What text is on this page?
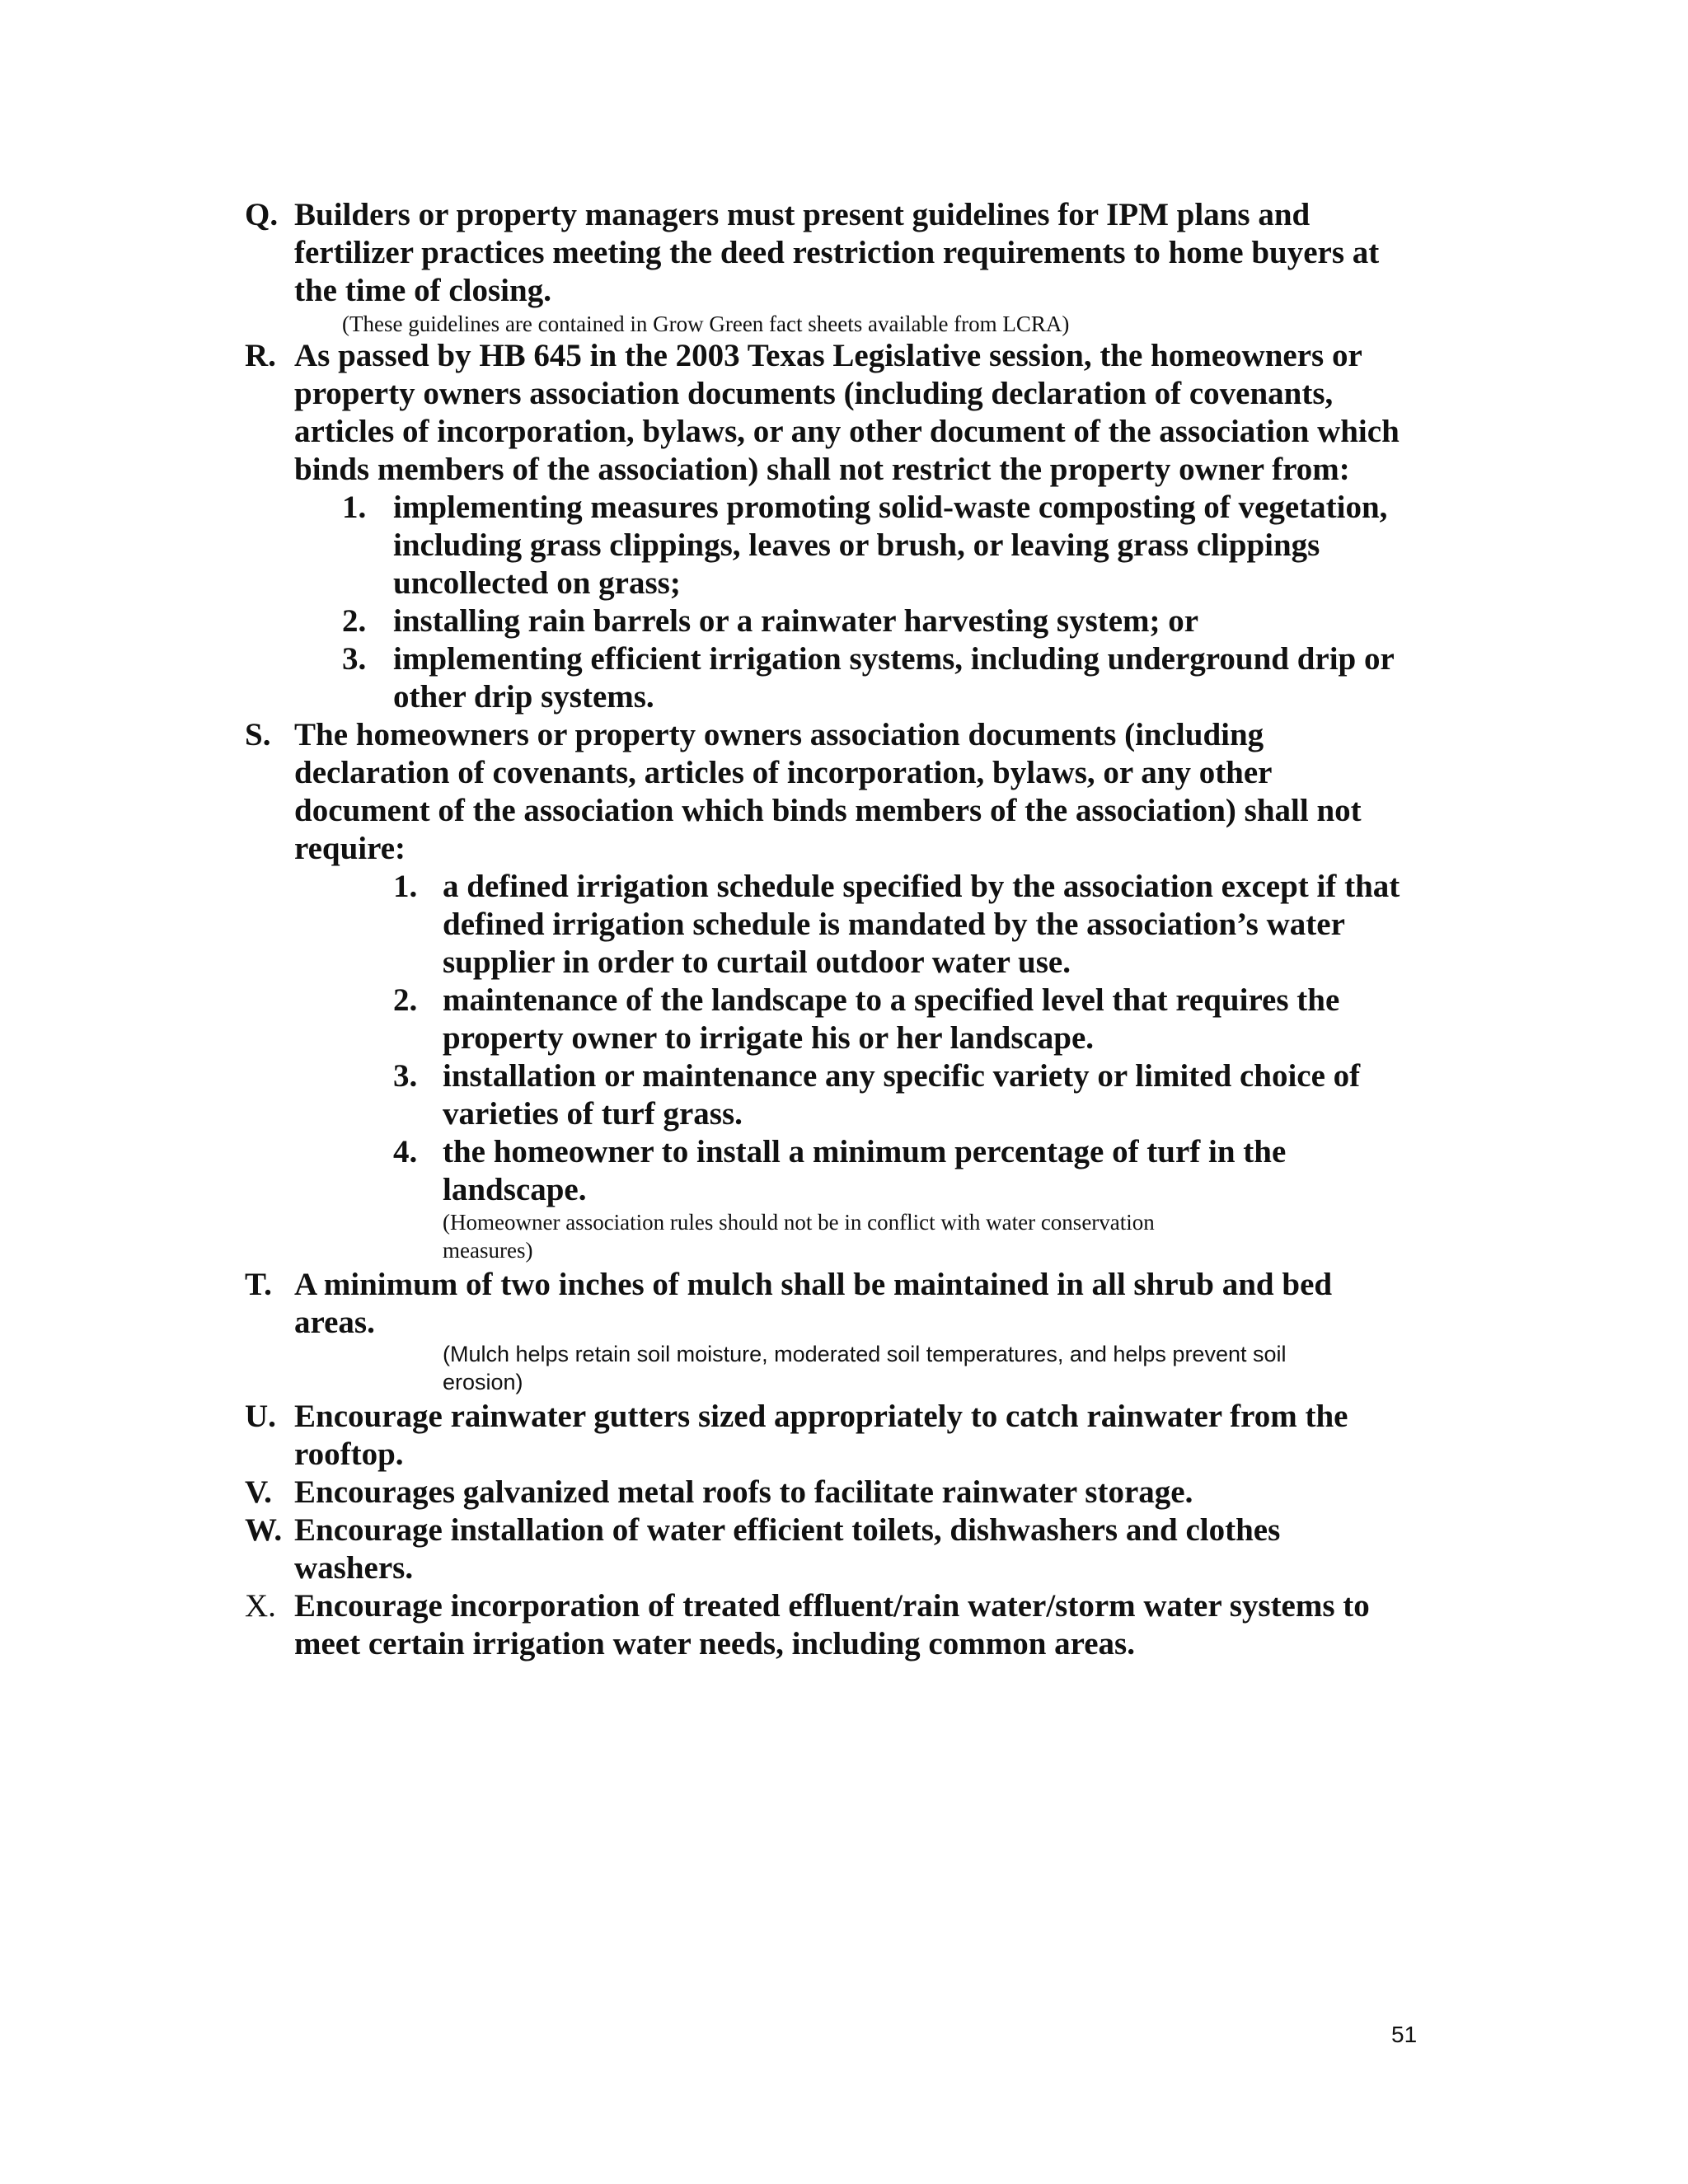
Q. Builders or property managers must present guidelines for IPM plans and
fertilizer practices meeting the deed restriction requirements to home buyers at
the time of closing.
(These guidelines are contained in Grow Green fact sheets available from LCRA)
R. As passed by HB 645 in the 2003 Texas Legislative session, the homeowners or
property owners association documents (including declaration of covenants,
articles of incorporation, bylaws, or any other document of the association which
binds members of the association) shall not restrict the property owner from:
1. implementing measures promoting solid-waste composting of vegetation,
including grass clippings, leaves or brush, or leaving grass clippings
uncollected on grass;
2. installing rain barrels or a rainwater harvesting system; or
3. implementing efficient irrigation systems, including underground drip or
other drip systems.
S. The homeowners or property owners association documents (including
declaration of covenants, articles of incorporation, bylaws, or any other
document of the association which binds members of the association) shall not
require:
1. a defined irrigation schedule specified by the association except if that
defined irrigation schedule is mandated by the association’s water
supplier in order to curtail outdoor water use.
2. maintenance of the landscape to a specified level that requires the
property owner to irrigate his or her landscape.
3. installation or maintenance any specific variety or limited choice of
varieties of turf grass.
4. the homeowner to install a minimum percentage of turf in the
landscape.
(Homeowner association rules should not be in conflict with water conservation
measures)
T. A minimum of two inches of mulch shall be maintained in all shrub and bed
areas.
(Mulch helps retain soil moisture, moderated soil temperatures, and helps prevent soil
erosion)
U. Encourage rainwater gutters sized appropriately to catch rainwater from the
rooftop.
V. Encourages galvanized metal roofs to facilitate rainwater storage.
W. Encourage installation of water efficient toilets, dishwashers and clothes
washers.
X. Encourage incorporation of treated effluent/rain water/storm water systems to
meet certain irrigation water needs, including common areas.
51
